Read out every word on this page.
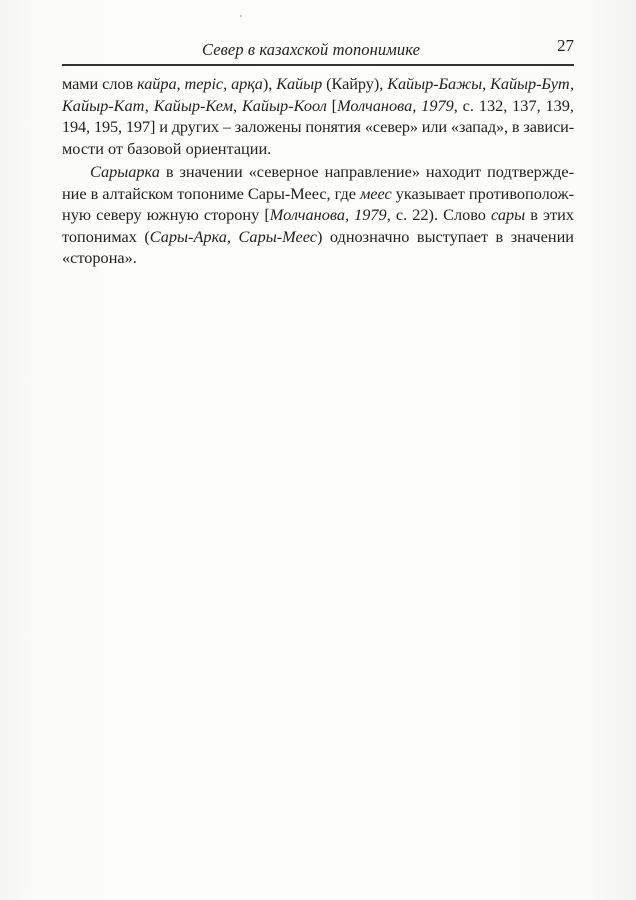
Север в казахской топонимике	27
мами слов кайра, теріс, арқа), Кайыр (Кайру), Кайыр-Бажы, Кайыр-Бут,
Кайыр-Кат, Кайыр-Кем, Кайыр-Коол [Молчанова, 1979, с. 132, 137, 139,
194, 195, 197] и других – заложены понятия «север» или «запад», в зависи-
мости от базовой ориентации.
Сарыарка в значении «северное направление» находит подтвержде-
ние в алтайском топониме Сары-Меес, где меес указывает противополож-
ную северу южную сторону [Молчанова, 1979, с. 22). Слово сары в этих
топонимах (Сары-Арка, Сары-Меес) однозначно выступает в значении
«сторона».
